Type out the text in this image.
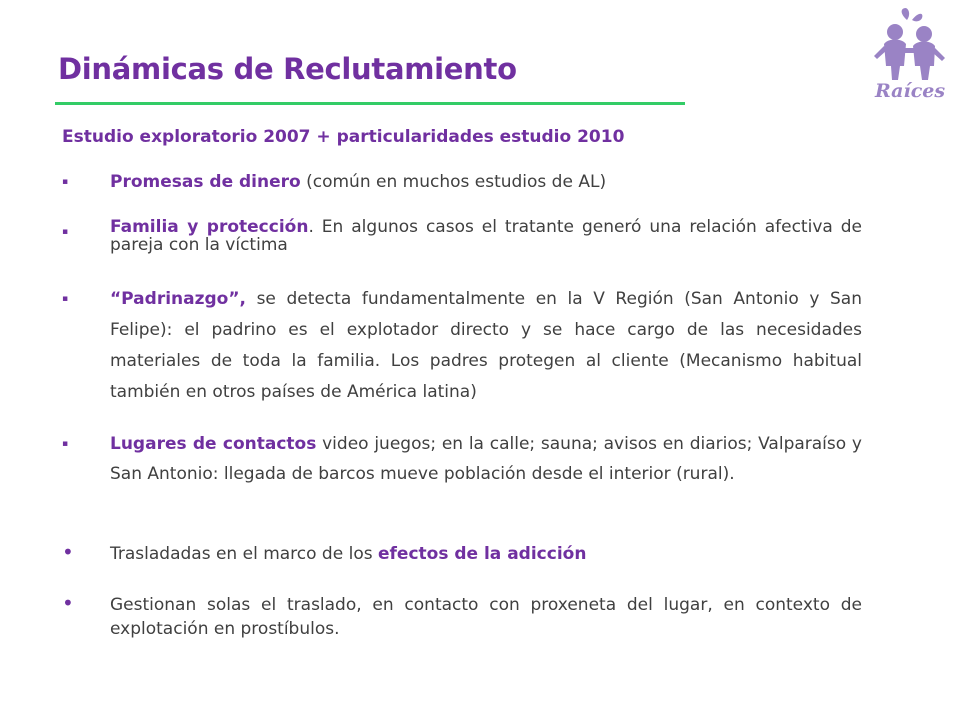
Dinámicas de Reclutamiento
Raíces
Estudio exploratorio 2007 + particularidades estudio 2010
▪ Promesas de dinero (común en muchos estudios de AL)
▪ Familia y protección. En algunos casos el tratante generó una relación afectiva de pareja con la víctima
▪ “Padrinazgo”, se detecta fundamentalmente en la V Región (San Antonio y San Felipe): el padrino es el explotador directo y se hace cargo de las necesidades materiales de toda la familia. Los padres protegen al cliente (Mecanismo habitual también en otros países de América latina)
▪ Lugares de contactos video juegos; en la calle; sauna; avisos en diarios; Valparaíso y San Antonio: llegada de barcos mueve población desde el interior (rural).
• Trasladadas en el marco de los efectos de la adicción
• Gestionan solas el traslado, en contacto con proxeneta del lugar, en contexto de explotación en prostíbulos.
